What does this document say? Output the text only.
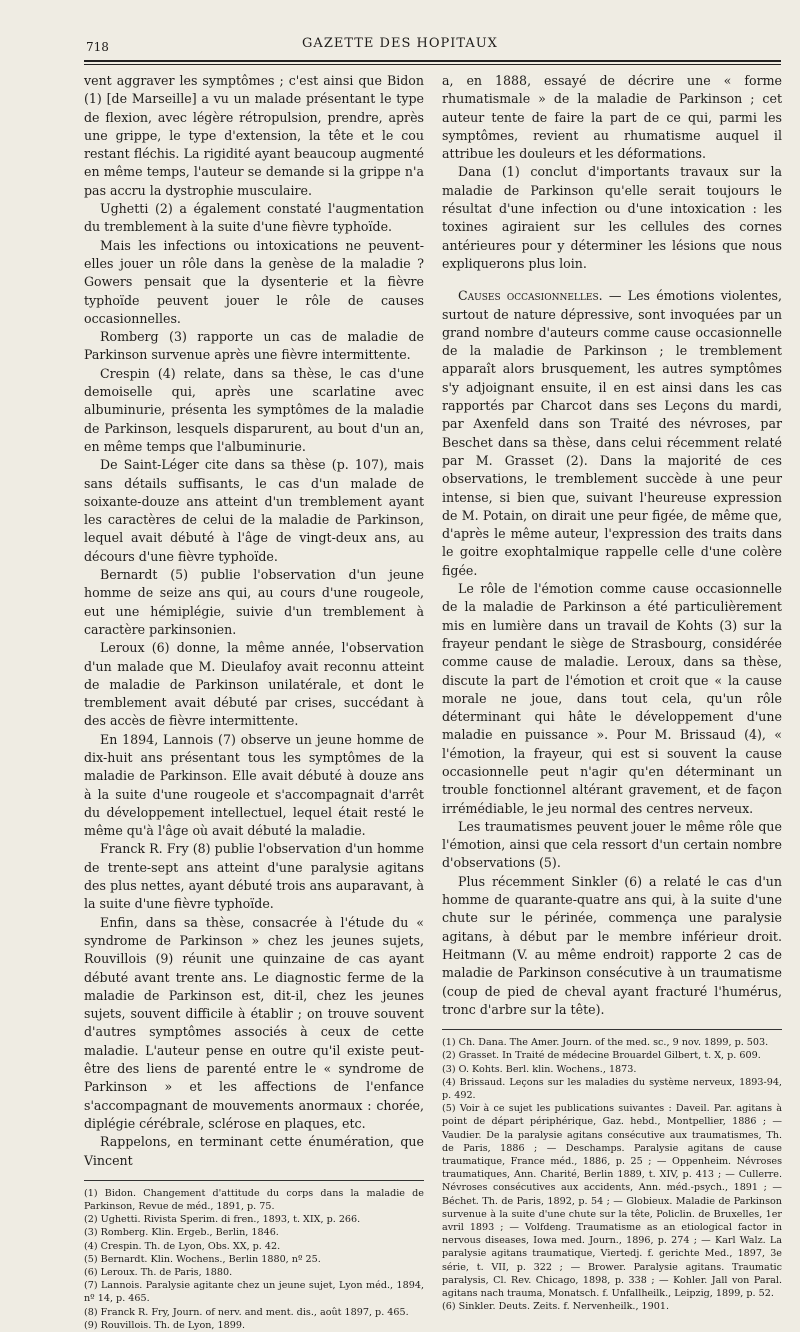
718	GAZETTE DES HOPITAUX

vent aggraver les symptômes ; c'est ainsi que Bidon (1) [de Marseille] a vu un malade présentant le type de flexion, avec légère rétropulsion, prendre, après une grippe, le type d'extension, la tête et le cou restant fléchis. La rigidité ayant beaucoup augmenté en même temps, l'auteur se demande si la grippe n'a pas accru la dystrophie musculaire.

Ughetti (2) a également constaté l'augmentation du tremblement à la suite d'une fièvre typhoïde.

Mais les infections ou intoxications ne peuvent-elles jouer un rôle dans la genèse de la maladie ? Gowers pensait que la dysenterie et la fièvre typhoïde peuvent jouer le rôle de causes occasionnelles.

Romberg (3) rapporte un cas de maladie de Parkinson survenue après une fièvre intermittente.

Crespin (4) relate, dans sa thèse, le cas d'une demoiselle qui, après une scarlatine avec albuminurie, présenta les symptômes de la maladie de Parkinson, lesquels disparurent, au bout d'un an, en même temps que l'albuminurie.

De Saint-Léger cite dans sa thèse (p. 107), mais sans détails suffisants, le cas d'un malade de soixante-douze ans atteint d'un tremblement ayant les caractères de celui de la maladie de Parkinson, lequel avait débuté à l'âge de vingt-deux ans, au décours d'une fièvre typhoïde.

Bernardt (5) publie l'observation d'un jeune homme de seize ans qui, au cours d'une rougeole, eut une hémiplégie, suivie d'un tremblement à caractère parkinsonien.

Leroux (6) donne, la même année, l'observation d'un malade que M. Dieulafoy avait reconnu atteint de maladie de Parkinson unilatérale, et dont le tremblement avait débuté par crises, succédant à des accès de fièvre intermittente.

En 1894, Lannois (7) observe un jeune homme de dix-huit ans présentant tous les symptômes de la maladie de Parkinson. Elle avait débuté à douze ans à la suite d'une rougeole et s'accompagnait d'arrêt du développement intellectuel, lequel était resté le même qu'à l'âge où avait débuté la maladie.

Franck R. Fry (8) publie l'observation d'un homme de trente-sept ans atteint d'une paralysie agitans des plus nettes, ayant débuté trois ans auparavant, à la suite d'une fièvre typhoïde.

Enfin, dans sa thèse, consacrée à l'étude du « syndrome de Parkinson » chez les jeunes sujets, Rouvillois (9) réunit une quinzaine de cas ayant débuté avant trente ans. Le diagnostic ferme de la maladie de Parkinson est, dit-il, chez les jeunes sujets, souvent difficile à établir ; on trouve souvent d'autres symptômes associés à ceux de cette maladie. L'auteur pense en outre qu'il existe peut-être des liens de parenté entre le « syndrome de Parkinson » et les affections de l'enfance s'accompagnant de mouvements anormaux : chorée, diplégie cérébrale, sclérose en plaques, etc.

Rappelons, en terminant cette énumération, que Vincent

(1) Bidon. Changement d'attitude du corps dans la maladie de Parkinson, Revue de méd., 1891, p. 75.
(2) Ughetti. Rivista Sperim. di fren., 1893, t. XIX, p. 266.
(3) Romberg. Klin. Ergeb., Berlin, 1846.
(4) Crespin. Th. de Lyon, Obs. XX, p. 42.
(5) Bernardt. Klin. Wochens., Berlin 1880, nº 25.
(6) Leroux. Th. de Paris, 1880.
(7) Lannois. Paralysie agitante chez un jeune sujet, Lyon méd., 1894, nº 14, p. 465.
(8) Franck R. Fry, Journ. of nerv. and ment. dis., août 1897, p. 465.
(9) Rouvillois. Th. de Lyon, 1899.

a, en 1888, essayé de décrire une « forme rhumatismale » de la maladie de Parkinson ; cet auteur tente de faire la part de ce qui, parmi les symptômes, revient au rhumatisme auquel il attribue les douleurs et les déformations.

Dana (1) conclut d'importants travaux sur la maladie de Parkinson qu'elle serait toujours le résultat d'une infection ou d'une intoxication : les toxines agiraient sur les cellules des cornes antérieures pour y déterminer les lésions que nous expliquerons plus loin.

Causes occasionnelles. — Les émotions violentes, surtout de nature dépressive, sont invoquées par un grand nombre d'auteurs comme cause occasionnelle de la maladie de Parkinson ; le tremblement apparaît alors brusquement, les autres symptômes s'y adjoignant ensuite, il en est ainsi dans les cas rapportés par Charcot dans ses Leçons du mardi, par Axenfeld dans son Traité des névroses, par Beschet dans sa thèse, dans celui récemment relaté par M. Grasset (2). Dans la majorité de ces observations, le tremblement succède à une peur intense, si bien que, suivant l'heureuse expression de M. Potain, on dirait une peur figée, de même que, d'après le même auteur, l'expression des traits dans le goitre exophtalmique rappelle celle d'une colère figée.

Le rôle de l'émotion comme cause occasionnelle de la maladie de Parkinson a été particulièrement mis en lumière dans un travail de Kohts (3) sur la frayeur pendant le siège de Strasbourg, considérée comme cause de maladie. Leroux, dans sa thèse, discute la part de l'émotion et croit que « la cause morale ne joue, dans tout cela, qu'un rôle déterminant qui hâte le développement d'une maladie en puissance ». Pour M. Brissaud (4), « l'émotion, la frayeur, qui est si souvent la cause occasionnelle peut n'agir qu'en déterminant un trouble fonctionnel altérant gravement, et de façon irrémédiable, le jeu normal des centres nerveux.

Les traumatismes peuvent jouer le même rôle que l'émotion, ainsi que cela ressort d'un certain nombre d'observations (5).

Plus récemment Sinkler (6) a relaté le cas d'un homme de quarante-quatre ans qui, à la suite d'une chute sur le périnée, commença une paralysie agitans, à début par le membre inférieur droit. Heitmann (V. au même endroit) rapporte 2 cas de maladie de Parkinson consécutive à un traumatisme (coup de pied de cheval ayant fracturé l'humérus, tronc d'arbre sur la tête).

(1) Ch. Dana. The Amer. Journ. of the med. sc., 9 nov. 1899, p. 503.
(2) Grasset. In Traité de médecine Brouardel Gilbert, t. X, p. 609.
(3) O. Kohts. Berl. klin. Wochens., 1873.
(4) Brissaud. Leçons sur les maladies du système nerveux, 1893-94, p. 492.
(5) Voir à ce sujet les publications suivantes : Daveil. Par. agitans à point de départ périphérique, Gaz. hebd., Montpellier, 1886 ; — Vaudier. De la paralysie agitans consécutive aux traumatismes, Th. de Paris, 1886 ; — Deschamps. Paralysie agitans de cause traumatique, France méd., 1886, p. 25 ; — Oppenheim. Névroses traumatiques, Ann. Charité, Berlin 1889, t. XIV, p. 413 ; — Cullerre. Névroses consécutives aux accidents, Ann. méd.-psych., 1891 ; — Béchet. Th. de Paris, 1892, p. 54 ; — Globieux. Maladie de Parkinson survenue à la suite d'une chute sur la tête, Policlin. de Bruxelles, 1er avril 1893 ; — Volfdeng. Traumatisme as an etiological factor in nervous diseases, Iowa med. Journ., 1896, p. 274 ; — Karl Walz. La paralysie agitans traumatique, Viertedj. f. gerichte Med., 1897, 3e série, t. VII, p. 322 ; — Brower. Paralysie agitans. Traumatic paralysis, Cl. Rev. Chicago, 1898, p. 338 ; — Kohler. Jall von Paral. agitans nach trauma, Monatsch. f. Unfallheilk., Leipzig, 1899, p. 52.
(6) Sinkler. Deuts. Zeits. f. Nervenheilk., 1901.
